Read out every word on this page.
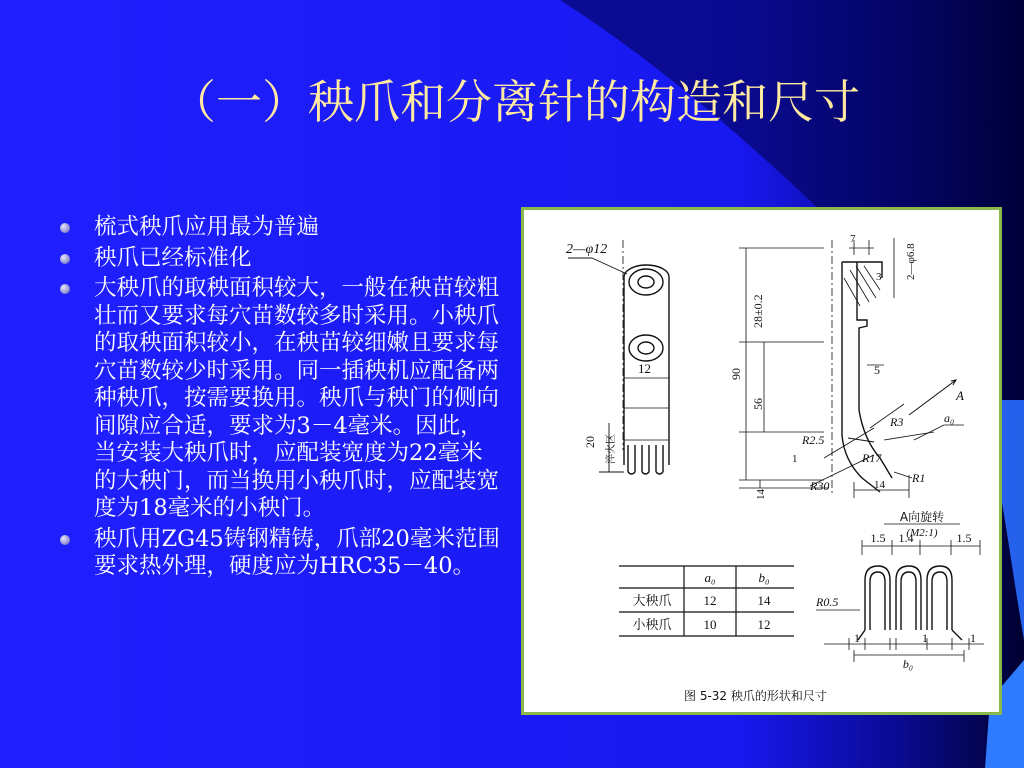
（一）秧爪和分离针的构造和尺寸
梳式秧爪应用最为普遍
秧爪已经标准化
大秧爪的取秧面积较大，一般在秧苗较粗壮而又要求每穴苗数较多时采用。小秧爪的取秧面积较小，在秧苗较细嫩且要求每穴苗数较少时采用。同一插秧机应配备两种秧爪，按需要换用。秧爪与秧门的侧向间隙应合适，要求为3－4毫米。因此，当安装大秧爪时，应配装宽度为22毫米的大秧门，而当换用小秧爪时，应配装宽度为18毫米的小秧门。
秧爪用ZG45铸钢精铸，爪部20毫米范围要求热外理，硬度应为HRC35－40。
2—φ12
12
20 淬火区
7
2—φ6.8
3
28±0.2
90
56
5
A
R3
R2.5
R17
a₀
1
R30
R1
14
14
a₀	b₀
大秧爪 12	14
小秧爪 10	12
A向旋转
(M2:1)
1.5 1.4	1.5
R0.5
1	1	1
b₀
图 5-32 秧爪的形状和尺寸
